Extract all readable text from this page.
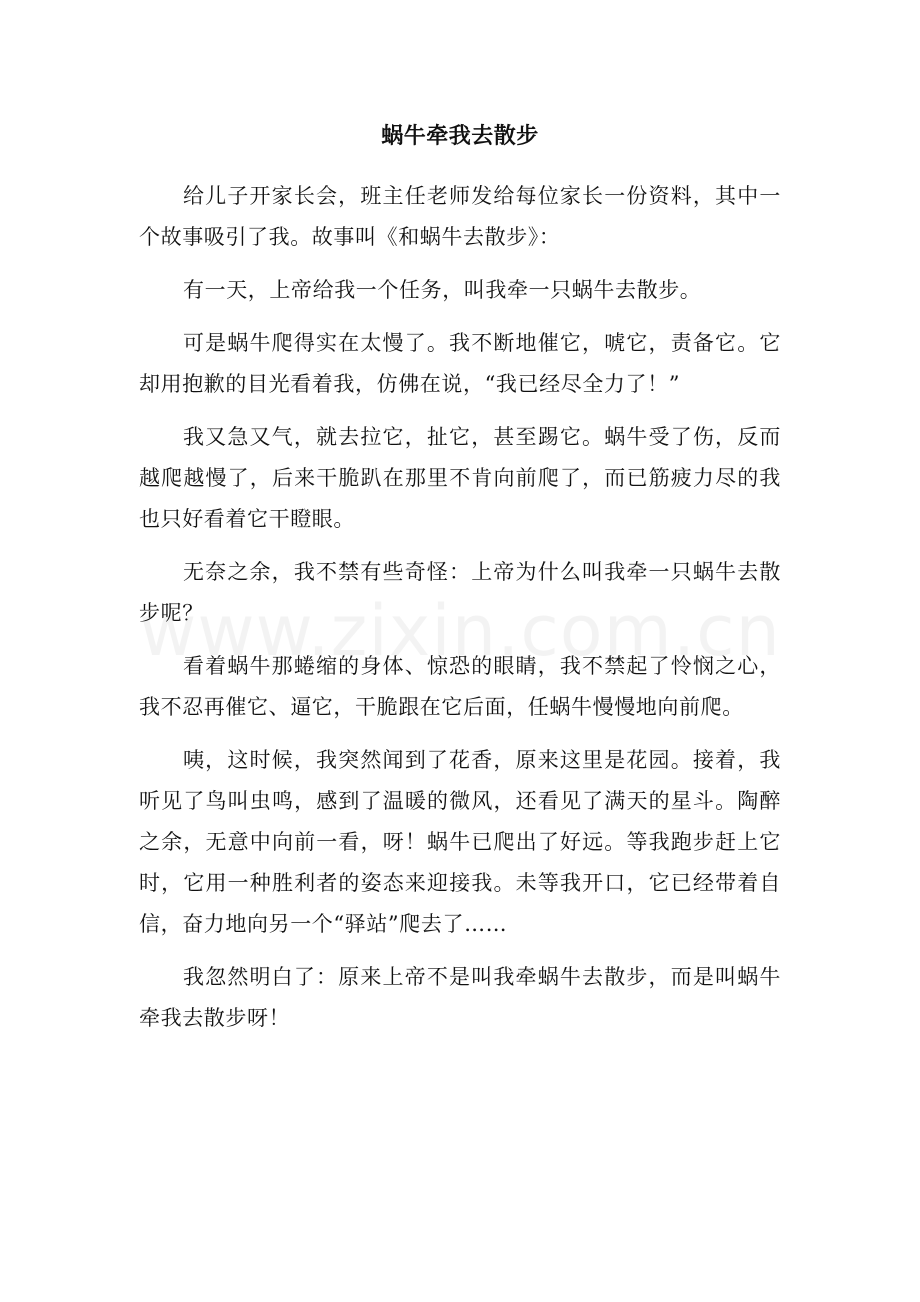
蜗牛牵我去散步

给儿子开家长会，班主任老师发给每位家长一份资料，其中一个故事吸引了我。故事叫《和蜗牛去散步》：

有一天，上帝给我一个任务，叫我牵一只蜗牛去散步。

可是蜗牛爬得实在太慢了。我不断地催它，唬它，责备它。它却用抱歉的目光看着我，仿佛在说，“我已经尽全力了！”

我又急又气，就去拉它，扯它，甚至踢它。蜗牛受了伤，反而越爬越慢了，后来干脆趴在那里不肯向前爬了，而已筋疲力尽的我也只好看着它干瞪眼。

无奈之余，我不禁有些奇怪：上帝为什么叫我牵一只蜗牛去散步呢？

看着蜗牛那蜷缩的身体、惊恐的眼睛，我不禁起了怜悯之心，我不忍再催它、逼它，干脆跟在它后面，任蜗牛慢慢地向前爬。

咦，这时候，我突然闻到了花香，原来这里是花园。接着，我听见了鸟叫虫鸣，感到了温暖的微风，还看见了满天的星斗。陶醉之余，无意中向前一看，呀！蜗牛已爬出了好远。等我跑步赶上它时，它用一种胜利者的姿态来迎接我。未等我开口，它已经带着自信，奋力地向另一个“驿站”爬去了……

我忽然明白了：原来上帝不是叫我牵蜗牛去散步，而是叫蜗牛牵我去散步呀！
